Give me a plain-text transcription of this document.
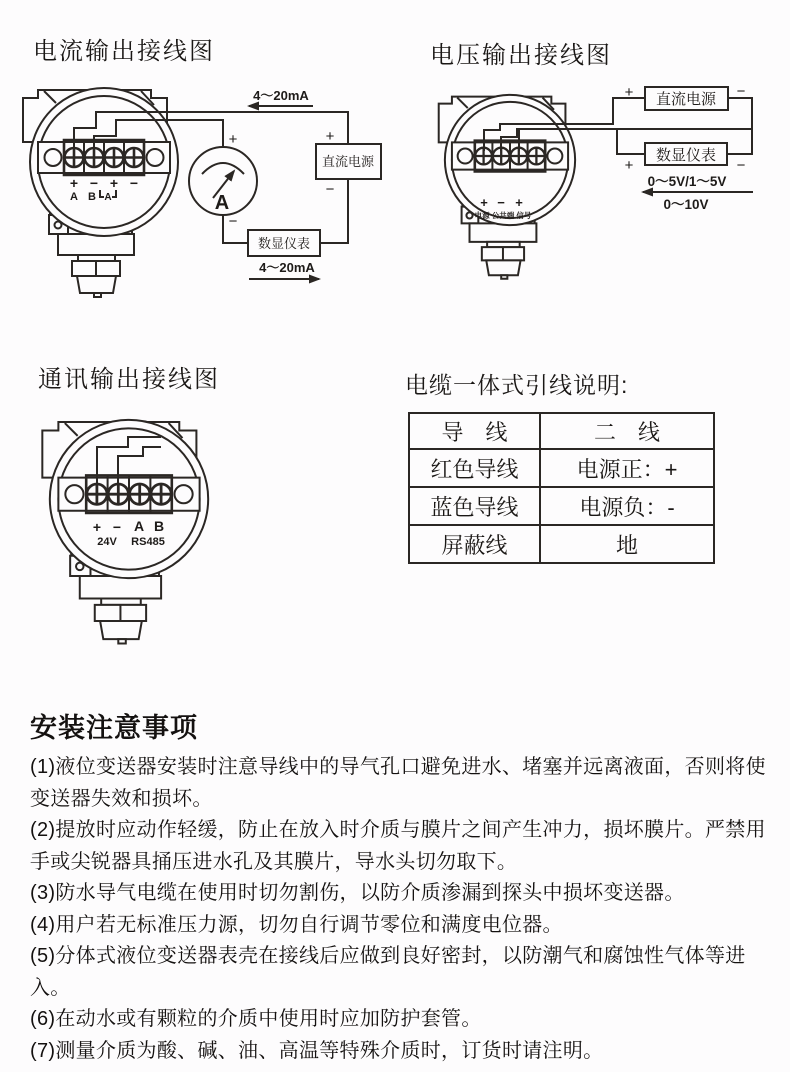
电流输出接线图	电压输出接线图
通讯输出接线图	电缆一体式引线说明:
A
+
−
直流电源
+
−
数显仪表
4～20mA
4～20mA
+ − + −
A B A
直流电源
+	−
数显仪表
+	−
0～5V/1～5V
0～10V
+ − +
电源 公共端 信号
+ − A B
24V RS485
导　线	二　线
红色导线	电源正：+
蓝色导线	电源负：-
屏蔽线	地
安装注意事项

(1)液位变送器安装时注意导线中的导气孔口避免进水、堵塞并远离液面，否则将使变送器失效和损坏。

(2)提放时应动作轻缓，防止在放入时介质与膜片之间产生冲力，损坏膜片。严禁用手或尖锐器具捅压进水孔及其膜片，导水头切勿取下。

(3)防水导气电缆在使用时切勿割伤，以防介质渗漏到探头中损坏变送器。

(4)用户若无标准压力源，切勿自行调节零位和满度电位器。

(5)分体式液位变送器表壳在接线后应做到良好密封，以防潮气和腐蚀性气体等进入。

(6)在动水或有颗粒的介质中使用时应加防护套管。

(7)测量介质为酸、碱、油、高温等特殊介质时，订货时请注明。
